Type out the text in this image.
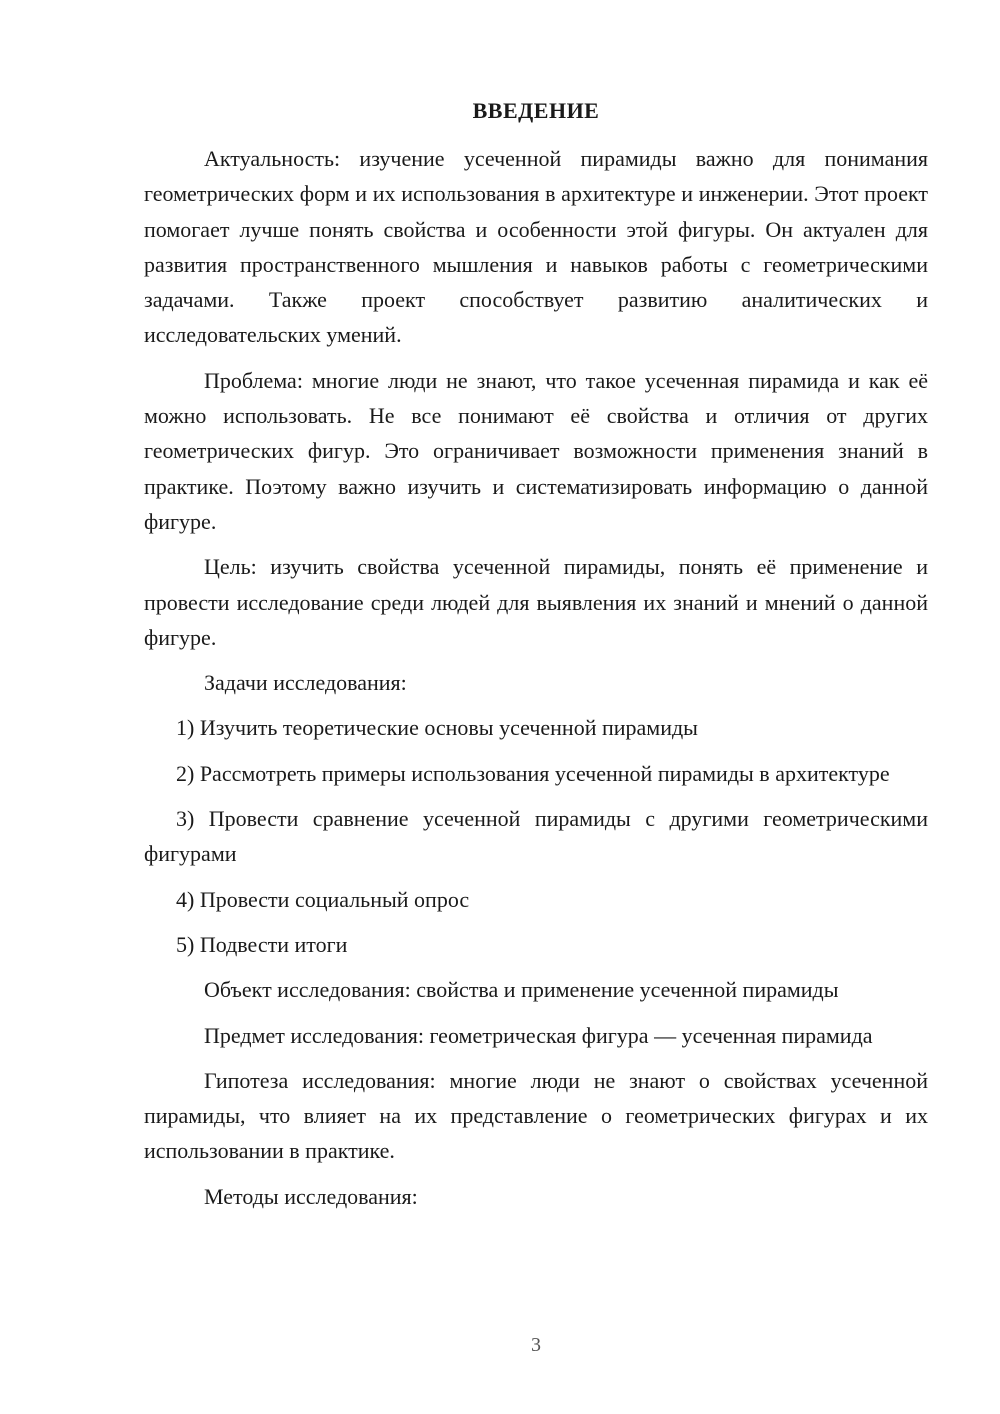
ВВЕДЕНИЕ

Актуальность: изучение усеченной пирамиды важно для понимания геометрических форм и их использования в архитектуре и инженерии. Этот проект помогает лучше понять свойства и особенности этой фигуры. Он актуален для развития пространственного мышления и навыков работы с геометрическими задачами. Также проект способствует развитию аналитических и исследовательских умений.

Проблема: многие люди не знают, что такое усеченная пирамида и как её можно использовать. Не все понимают её свойства и отличия от других геометрических фигур. Это ограничивает возможности применения знаний в практике. Поэтому важно изучить и систематизировать информацию о данной фигуре.

Цель: изучить свойства усеченной пирамиды, понять её применение и провести исследование среди людей для выявления их знаний и мнений о данной фигуре.

Задачи исследования:

1) Изучить теоретические основы усеченной пирамиды

2) Рассмотреть примеры использования усеченной пирамиды в архитектуре

3) Провести сравнение усеченной пирамиды с другими геометрическими фигурами

4) Провести социальный опрос

5) Подвести итоги

Объект исследования: свойства и применение усеченной пирамиды

Предмет исследования: геометрическая фигура — усеченная пирамида

Гипотеза исследования: многие люди не знают о свойствах усеченной пирамиды, что влияет на их представление о геометрических фигурах и их использовании в практике.

Методы исследования:

3
